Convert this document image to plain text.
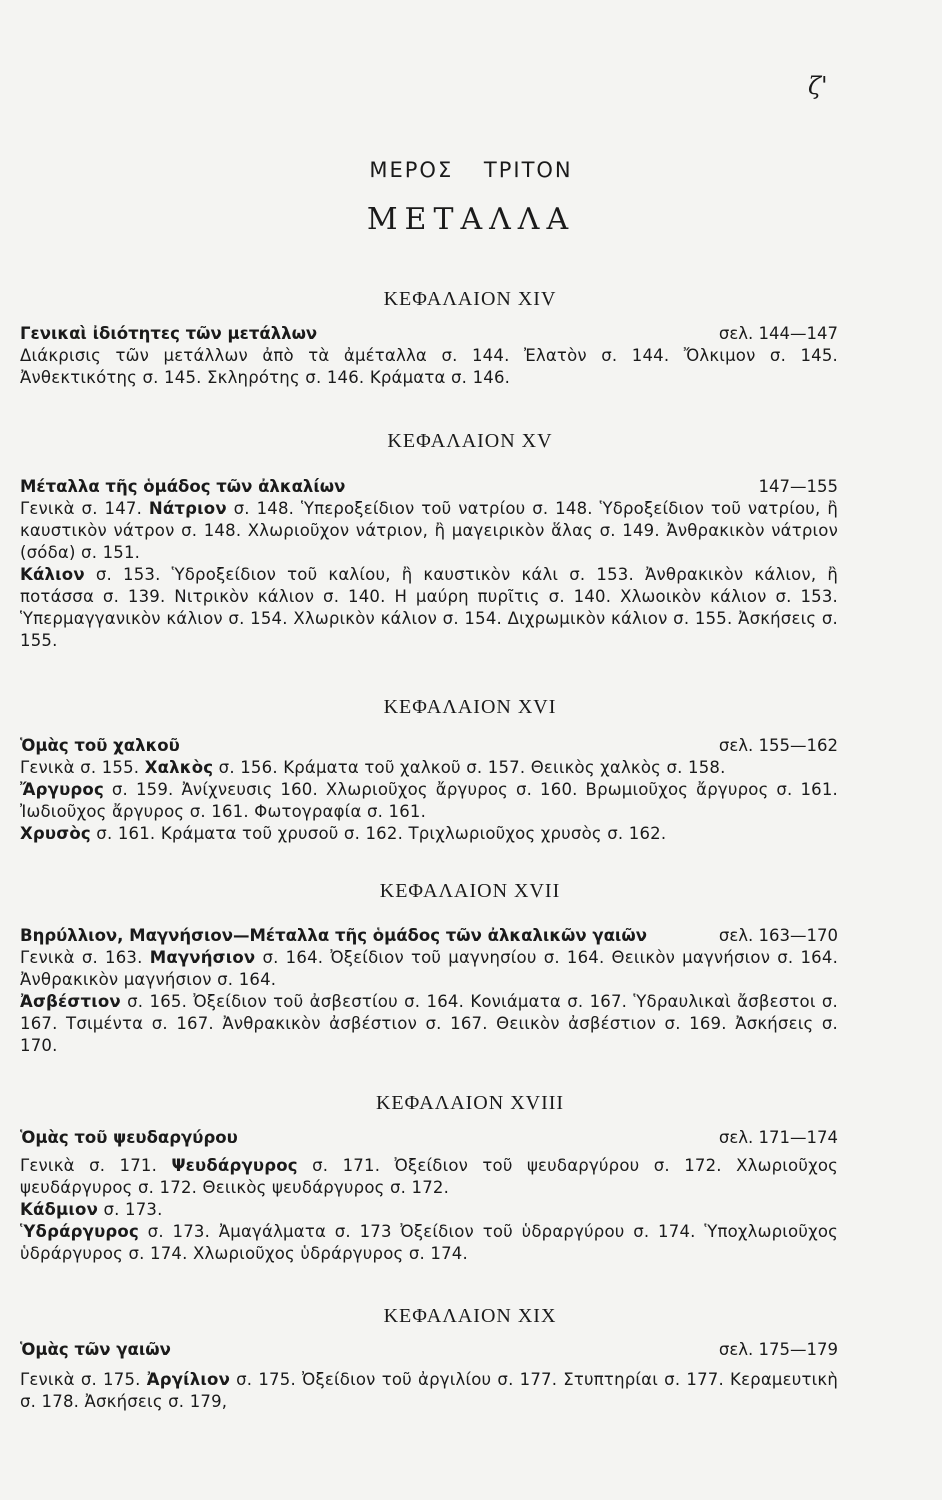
ζ'
ΜΕΡΟΣ ΤΡΙΤΟΝ
ΜΕΤΑΛΛΑ
ΚΕΦΑΛΑΙΟΝ XIV
Γενικαὶ ἰδιότητες τῶν μετάλλων	σελ. 144—147

Διάκρισις τῶν μετάλλων ἀπὸ τὰ ἀμέταλλα σ. 144. Ἐλατὸν σ. 144. Ὄλκιμον σ. 145. Ἀνθεκτικότης σ. 145. Σκληρότης σ. 146. Κράματα σ. 146.

ΚΕΦΑΛΑΙΟΝ XV
Μέταλλα τῆς ὁμάδος τῶν ἀλκαλίων	147—155

Γενικὰ σ. 147. Νάτριον σ. 148. Ὑπεροξείδιον τοῦ νατρίου σ. 148. Ὑδροξείδιον τοῦ νατρίου, ἢ καυστικὸν νάτρον σ. 148. Χλωριοῦχον νάτριον, ἢ μαγειρικὸν ἅλας σ. 149. Ἀνθρακικὸν νάτριον (σόδα) σ. 151.

Κάλιον σ. 153. Ὑδροξείδιον τοῦ καλίου, ἢ καυστικὸν κάλι σ. 153. Ἀνθρακικὸν κάλιον, ἢ ποτάσσα σ. 139. Νιτρικὸν κάλιον σ. 140. Η μαύρη πυρῖτις σ. 140. Χλωοικὸν κάλιον σ. 153. Ὑπερμαγγανικὸν κάλιον σ. 154. Χλωρικὸν κάλιον σ. 154. Διχρωμικὸν κάλιον σ. 155. Ἀσκήσεις σ. 155.

ΚΕΦΑΛΑΙΟΝ XVI
Ὁμὰς τοῦ χαλκοῦ	σελ. 155—162

Γενικὰ σ. 155. Χαλκὸς σ. 156. Κράματα τοῦ χαλκοῦ σ. 157. Θειικὸς χαλκὸς σ. 158.

Ἄργυρος σ. 159. Ἀνίχνευσις 160. Χλωριοῦχος ἄργυρος σ. 160. Βρωμιοῦχος ἄργυρος σ. 161. Ἰωδιοῦχος ἄργυρος σ. 161. Φωτογραφία σ. 161.

Χρυσὸς σ. 161. Κράματα τοῦ χρυσοῦ σ. 162. Τριχλωριοῦχος χρυσὸς σ. 162.

ΚΕΦΑΛΑΙΟΝ XVII
Βηρύλλιον, Μαγνήσιον—Μέταλλα τῆς ὁμάδος τῶν ἀλκαλικῶν γαιῶν	σελ. 163—170

Γενικὰ σ. 163. Μαγνήσιον σ. 164. Ὀξείδιον τοῦ μαγνησίου σ. 164. Θειικὸν μαγνήσιον σ. 164. Ἀνθρακικὸν μαγνήσιον σ. 164.

Ἀσβέστιον σ. 165. Ὀξείδιον τοῦ ἀσβεστίου σ. 164. Κονιάματα σ. 167. Ὑδραυλικαὶ ἄσβεστοι σ. 167. Τσιμέντα σ. 167. Ἀνθρακικὸν ἀσβέστιον σ. 167. Θειικὸν ἀσβέστιον σ. 169. Ἀσκήσεις σ. 170.

ΚΕΦΑΛΑΙΟΝ XVIII
Ὁμὰς τοῦ ψευδαργύρου	σελ. 171—174

Γενικὰ σ. 171. Ψευδάργυρος σ. 171. Ὀξείδιον τοῦ ψευδαργύρου σ. 172. Χλωριοῦχος ψευδάργυρος σ. 172. Θειικὸς ψευδάργυρος σ. 172.

Κάδμιον σ. 173.

Ὑδράργυρος σ. 173. Ἀμαγάλματα σ. 173 Ὀξείδιον τοῦ ὑδραργύρου σ. 174. Ὑποχλωριοῦχος ὑδράργυρος σ. 174. Χλωριοῦχος ὑδράργυρος σ. 174.

ΚΕΦΑΛΑΙΟΝ XIX
Ὁμὰς τῶν γαιῶν	σελ. 175—179

Γενικὰ σ. 175. Ἀργίλιον σ. 175. Ὀξείδιον τοῦ ἀργιλίου σ. 177. Στυπτηρίαι σ. 177. Κεραμευτικὴ σ. 178. Ἀσκήσεις σ. 179,
